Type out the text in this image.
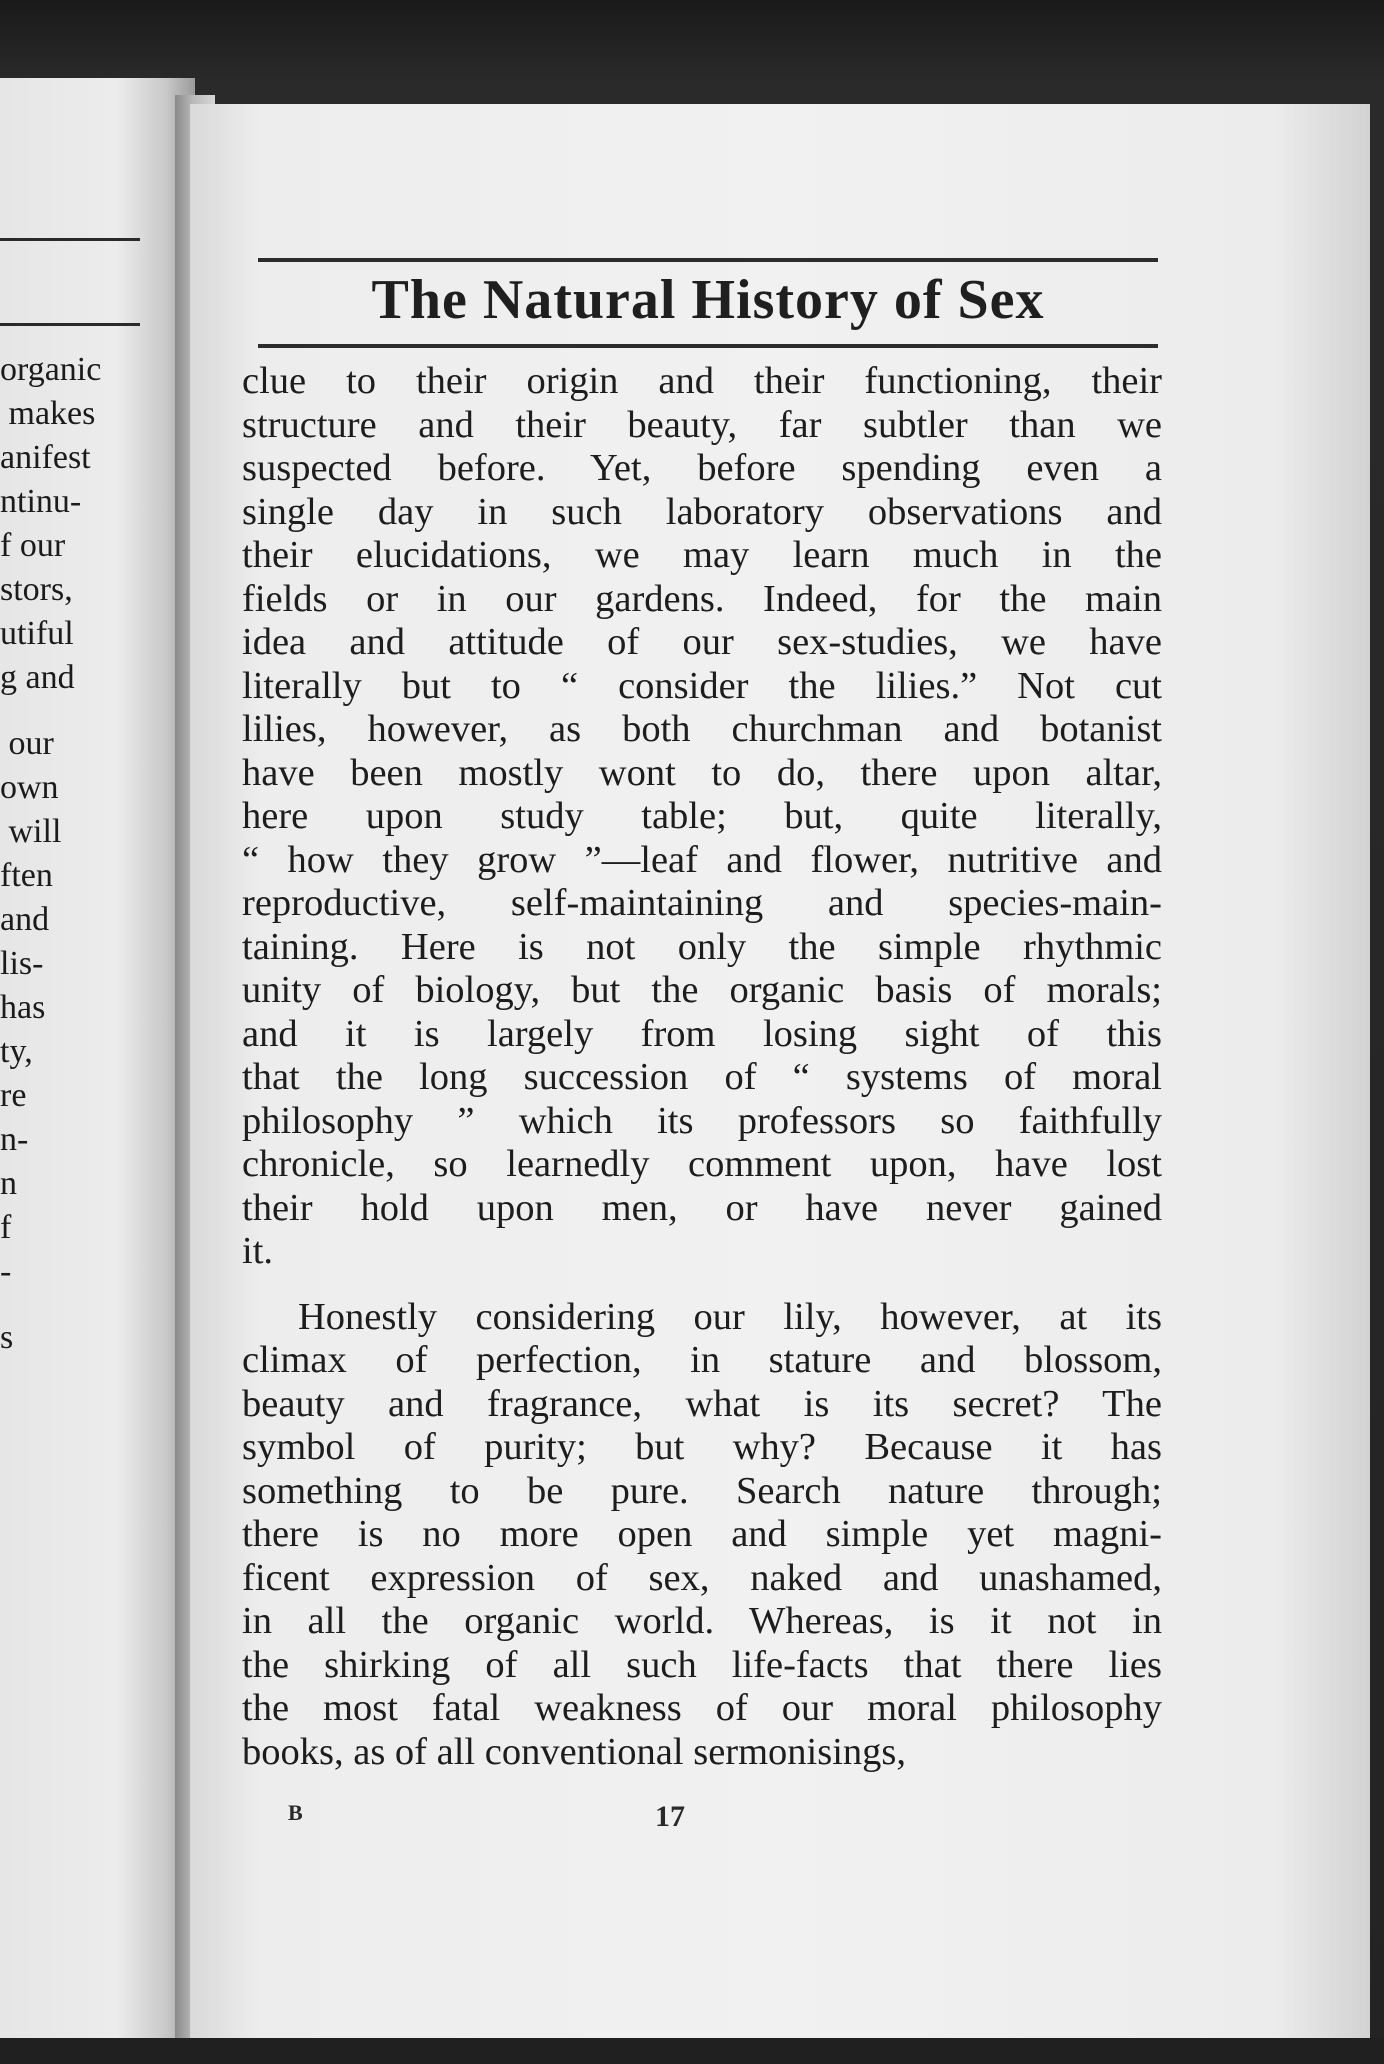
organic
makes
anifest
ntinu-
f our
stors,
utiful
g and
our
own
will
ften
and
lis-
has
ty,
re
n-
n
f
-
s
The Natural History of Sex
clue to their origin and their functioning, their
structure and their beauty, far subtler than we
suspected before. Yet, before spending even a
single day in such laboratory observations and
their elucidations, we may learn much in the
fields or in our gardens. Indeed, for the main
idea and attitude of our sex-studies, we have
literally but to “ consider the lilies.” Not cut
lilies, however, as both churchman and botanist
have been mostly wont to do, there upon altar,
here upon study table; but, quite literally,
“ how they grow ”—leaf and flower, nutritive and
reproductive, self-maintaining and species-main-
taining. Here is not only the simple rhythmic
unity of biology, but the organic basis of morals;
and it is largely from losing sight of this
that the long succession of “ systems of moral
philosophy ” which its professors so faithfully
chronicle, so learnedly comment upon, have lost
their hold upon men, or have never gained
it.
Honestly considering our lily, however, at its
climax of perfection, in stature and blossom,
beauty and fragrance, what is its secret? The
symbol of purity; but why? Because it has
something to be pure. Search nature through;
there is no more open and simple yet magni-
ficent expression of sex, naked and unashamed,
in all the organic world. Whereas, is it not in
the shirking of all such life-facts that there lies
the most fatal weakness of our moral philosophy
books, as of all conventional sermonisings,
B	17
